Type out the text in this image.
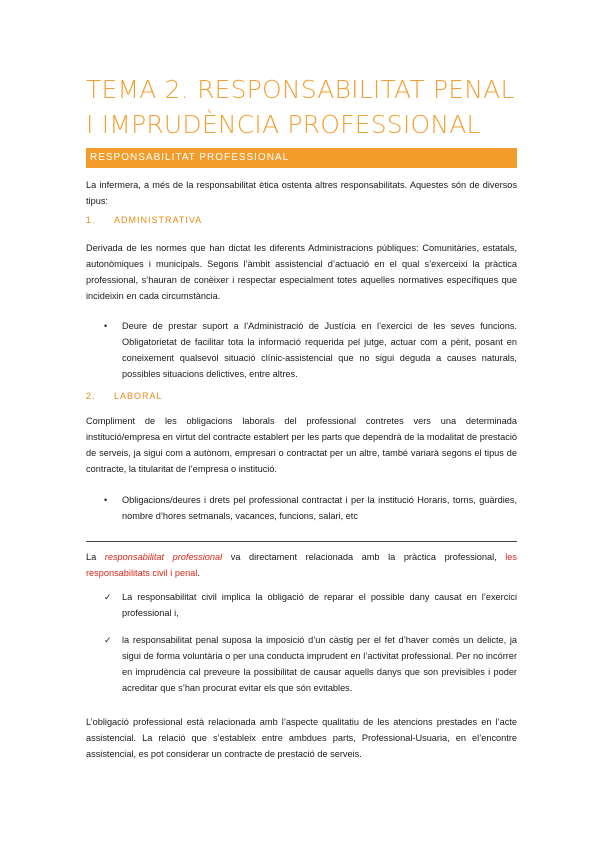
TEMA 2. RESPONSABILITAT PENAL
I IMPRUDÈNCIA PROFESSIONAL
RESPONSABILITAT PROFESSIONAL

La infermera, a més de la responsabilitat ètica ostenta altres responsabilitats. Aquestes són de diversos tipus:

1. ADMINISTRATIVA

Derivada de les normes que han dictat les diferents Administracions públiques: Comunitàries, estatals, autonòmiques i municipals. Segons l’àmbit assistencial d’actuació en el qual s’exerceixi la pràctica professional, s’hauran de conèixer i respectar especialment totes aquelles normatives específiques que incideixin en cada circumstància.

•	Deure de prestar suport a l’Administració de Justícia en l’exercici de les seves funcions. Obligatorietat de facilitar tota la informació requerida pel jutge, actuar com a pèrit, posant en coneixement qualsevol situació clínic-assistencial que no sigui deguda a causes naturals, possibles situacions delictives, entre altres.

2. LABORAL

Compliment de les obligacions laborals del professional contretes vers una determinada institució/empresa en virtut del contracte establert per les parts que dependrà de la modalitat de prestació de serveis, ja sigui com a autònom, empresari o contractat per un altre, també variarà segons el tipus de contracte, la titularitat de l’empresa o institució.

•	Obligacions/deures i drets pel professional contractat i per la institució Horaris, torns, guàrdies, nombre d’hores setmanals, vacances, funcions, salari, etc

La responsabilitat professional va directament relacionada amb la pràctica professional, les responsabilitats civil i penal.

✓	La responsabilitat civil implica la obligació de reparar el possible dany causat en l’exercici professional i,

✓	la responsabilitat penal suposa la imposició d’un càstig per el fet d’haver comès un delicte, ja sigui de forma voluntària o per una conducta imprudent en l’activitat professional. Per no incórrer en imprudència cal preveure la possibilitat de causar aquells danys que son previsibles i poder acreditar que s’han procurat evitar els que són evitables.

L’obligació professional està relacionada amb l’aspecte qualitatiu de les atencions prestades en l’acte assistencial. La relació que s’estableix entre ambdues parts, Professional-Usuaria, en el’encontre assistencial, es pot considerar un contracte de prestació de serveis.
